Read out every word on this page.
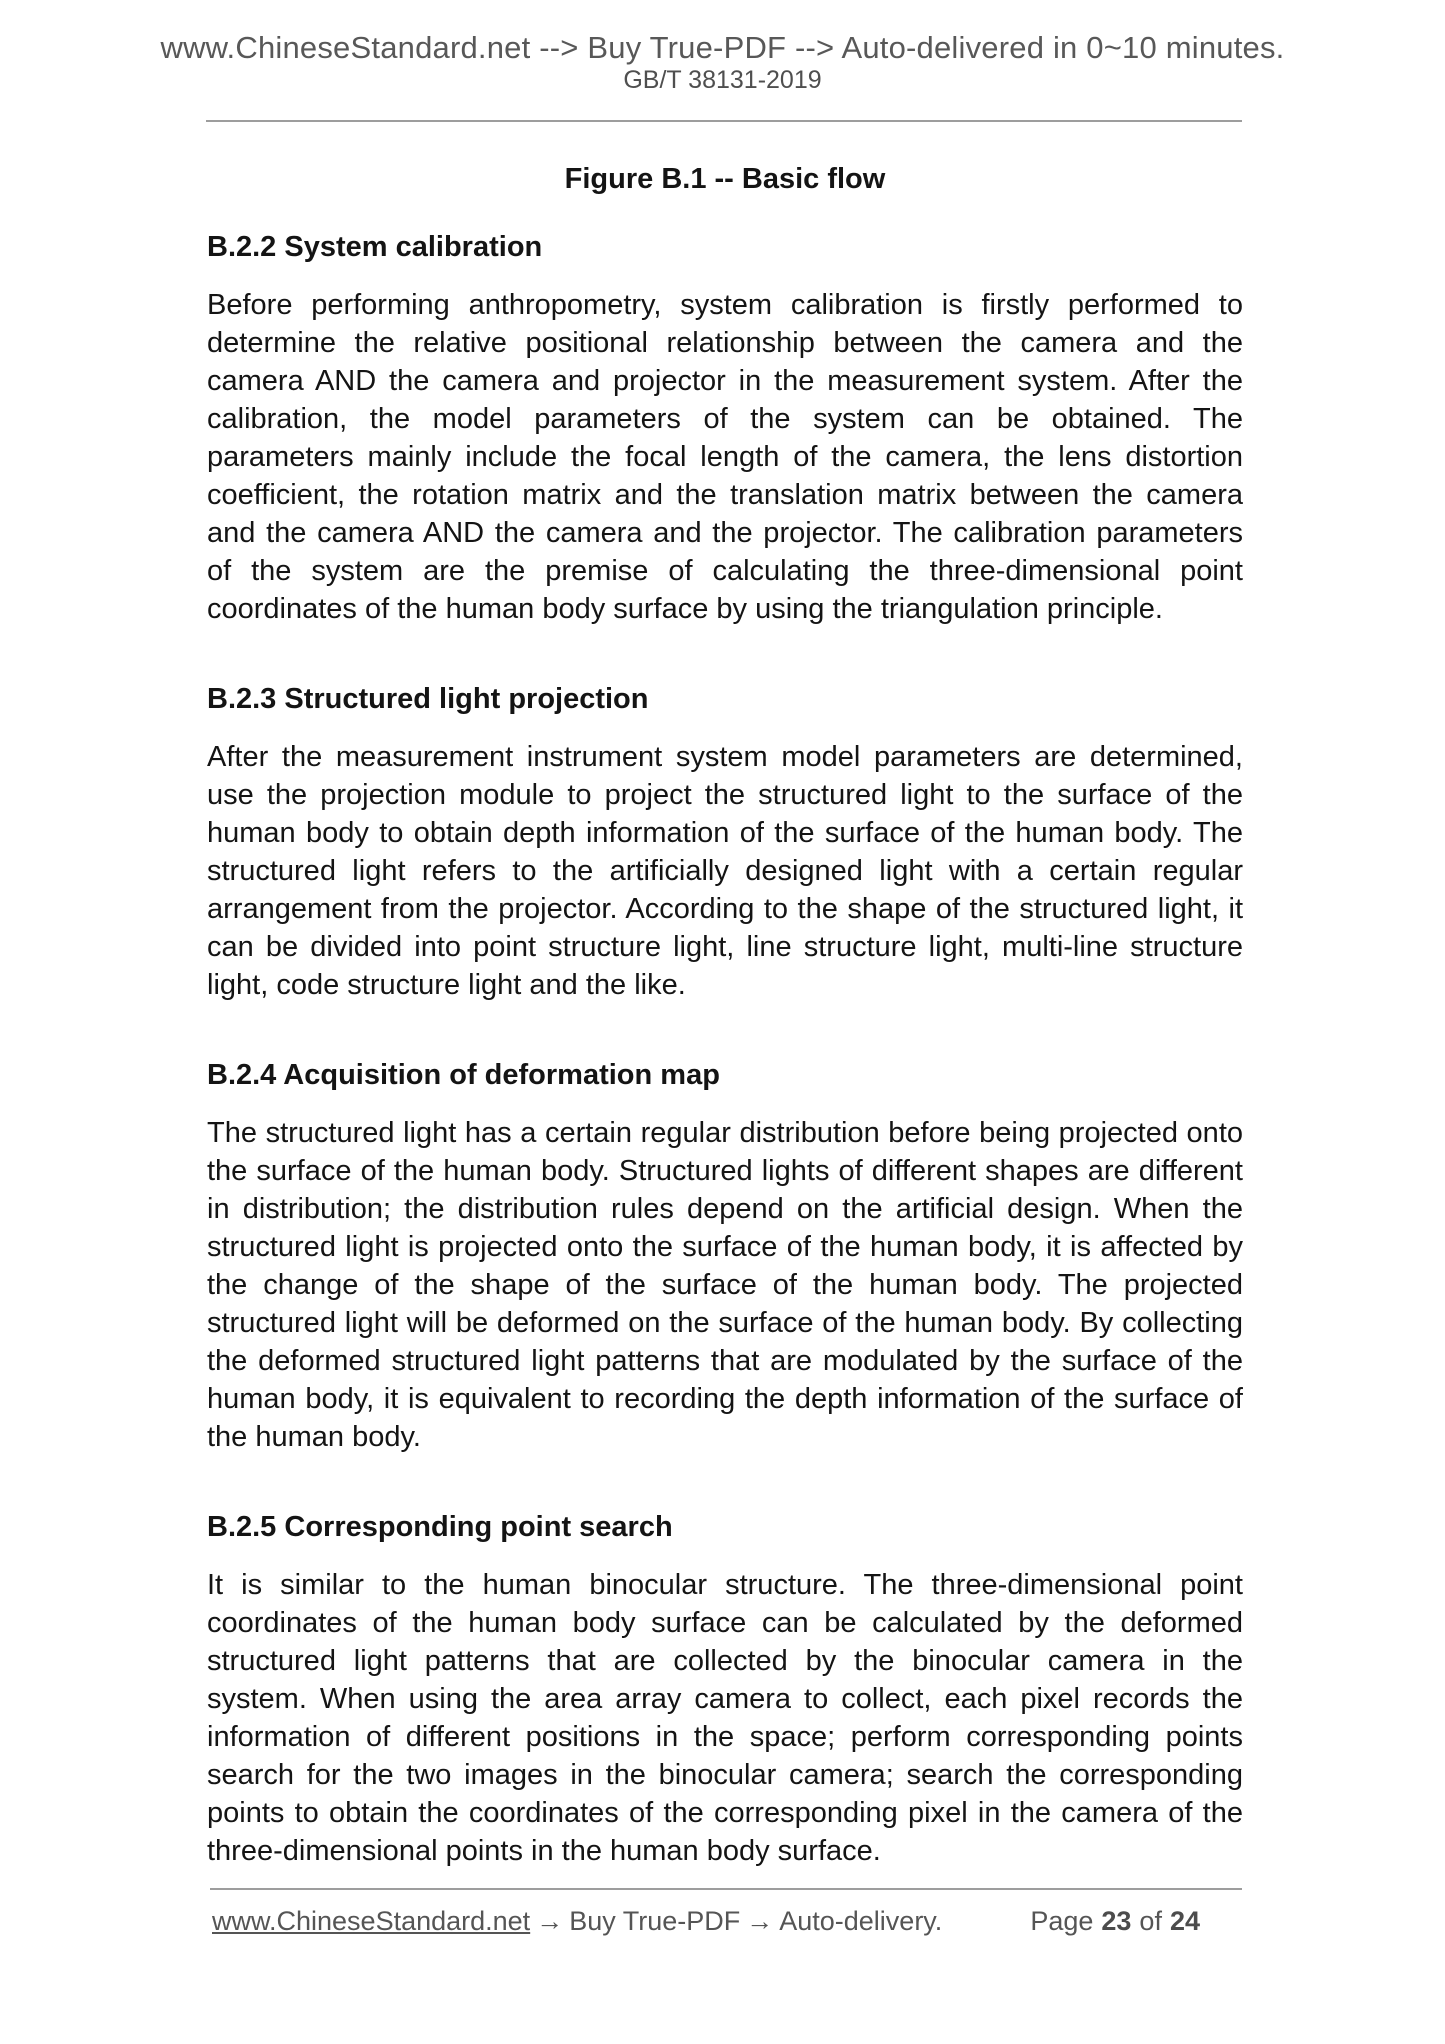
www.ChineseStandard.net --> Buy True-PDF --> Auto-delivered in 0~10 minutes.
GB/T 38131-2019
Figure B.1 -- Basic flow
B.2.2 System calibration

Before performing anthropometry, system calibration is firstly performed to determine the relative positional relationship between the camera and the camera AND the camera and projector in the measurement system. After the calibration, the model parameters of the system can be obtained. The parameters mainly include the focal length of the camera, the lens distortion coefficient, the rotation matrix and the translation matrix between the camera and the camera AND the camera and the projector. The calibration parameters of the system are the premise of calculating the three-dimensional point coordinates of the human body surface by using the triangulation principle.

B.2.3 Structured light projection

After the measurement instrument system model parameters are determined, use the projection module to project the structured light to the surface of the human body to obtain depth information of the surface of the human body. The structured light refers to the artificially designed light with a certain regular arrangement from the projector. According to the shape of the structured light, it can be divided into point structure light, line structure light, multi-line structure light, code structure light and the like.

B.2.4 Acquisition of deformation map

The structured light has a certain regular distribution before being projected onto the surface of the human body. Structured lights of different shapes are different in distribution; the distribution rules depend on the artificial design. When the structured light is projected onto the surface of the human body, it is affected by the change of the shape of the surface of the human body. The projected structured light will be deformed on the surface of the human body. By collecting the deformed structured light patterns that are modulated by the surface of the human body, it is equivalent to recording the depth information of the surface of the human body.

B.2.5 Corresponding point search

It is similar to the human binocular structure. The three-dimensional point coordinates of the human body surface can be calculated by the deformed structured light patterns that are collected by the binocular camera in the system. When using the area array camera to collect, each pixel records the information of different positions in the space; perform corresponding points search for the two images in the binocular camera; search the corresponding points to obtain the coordinates of the corresponding pixel in the camera of the three-dimensional points in the human body surface.

www.ChineseStandard.net → Buy True-PDF → Auto-delivery.	Page 23 of 24
